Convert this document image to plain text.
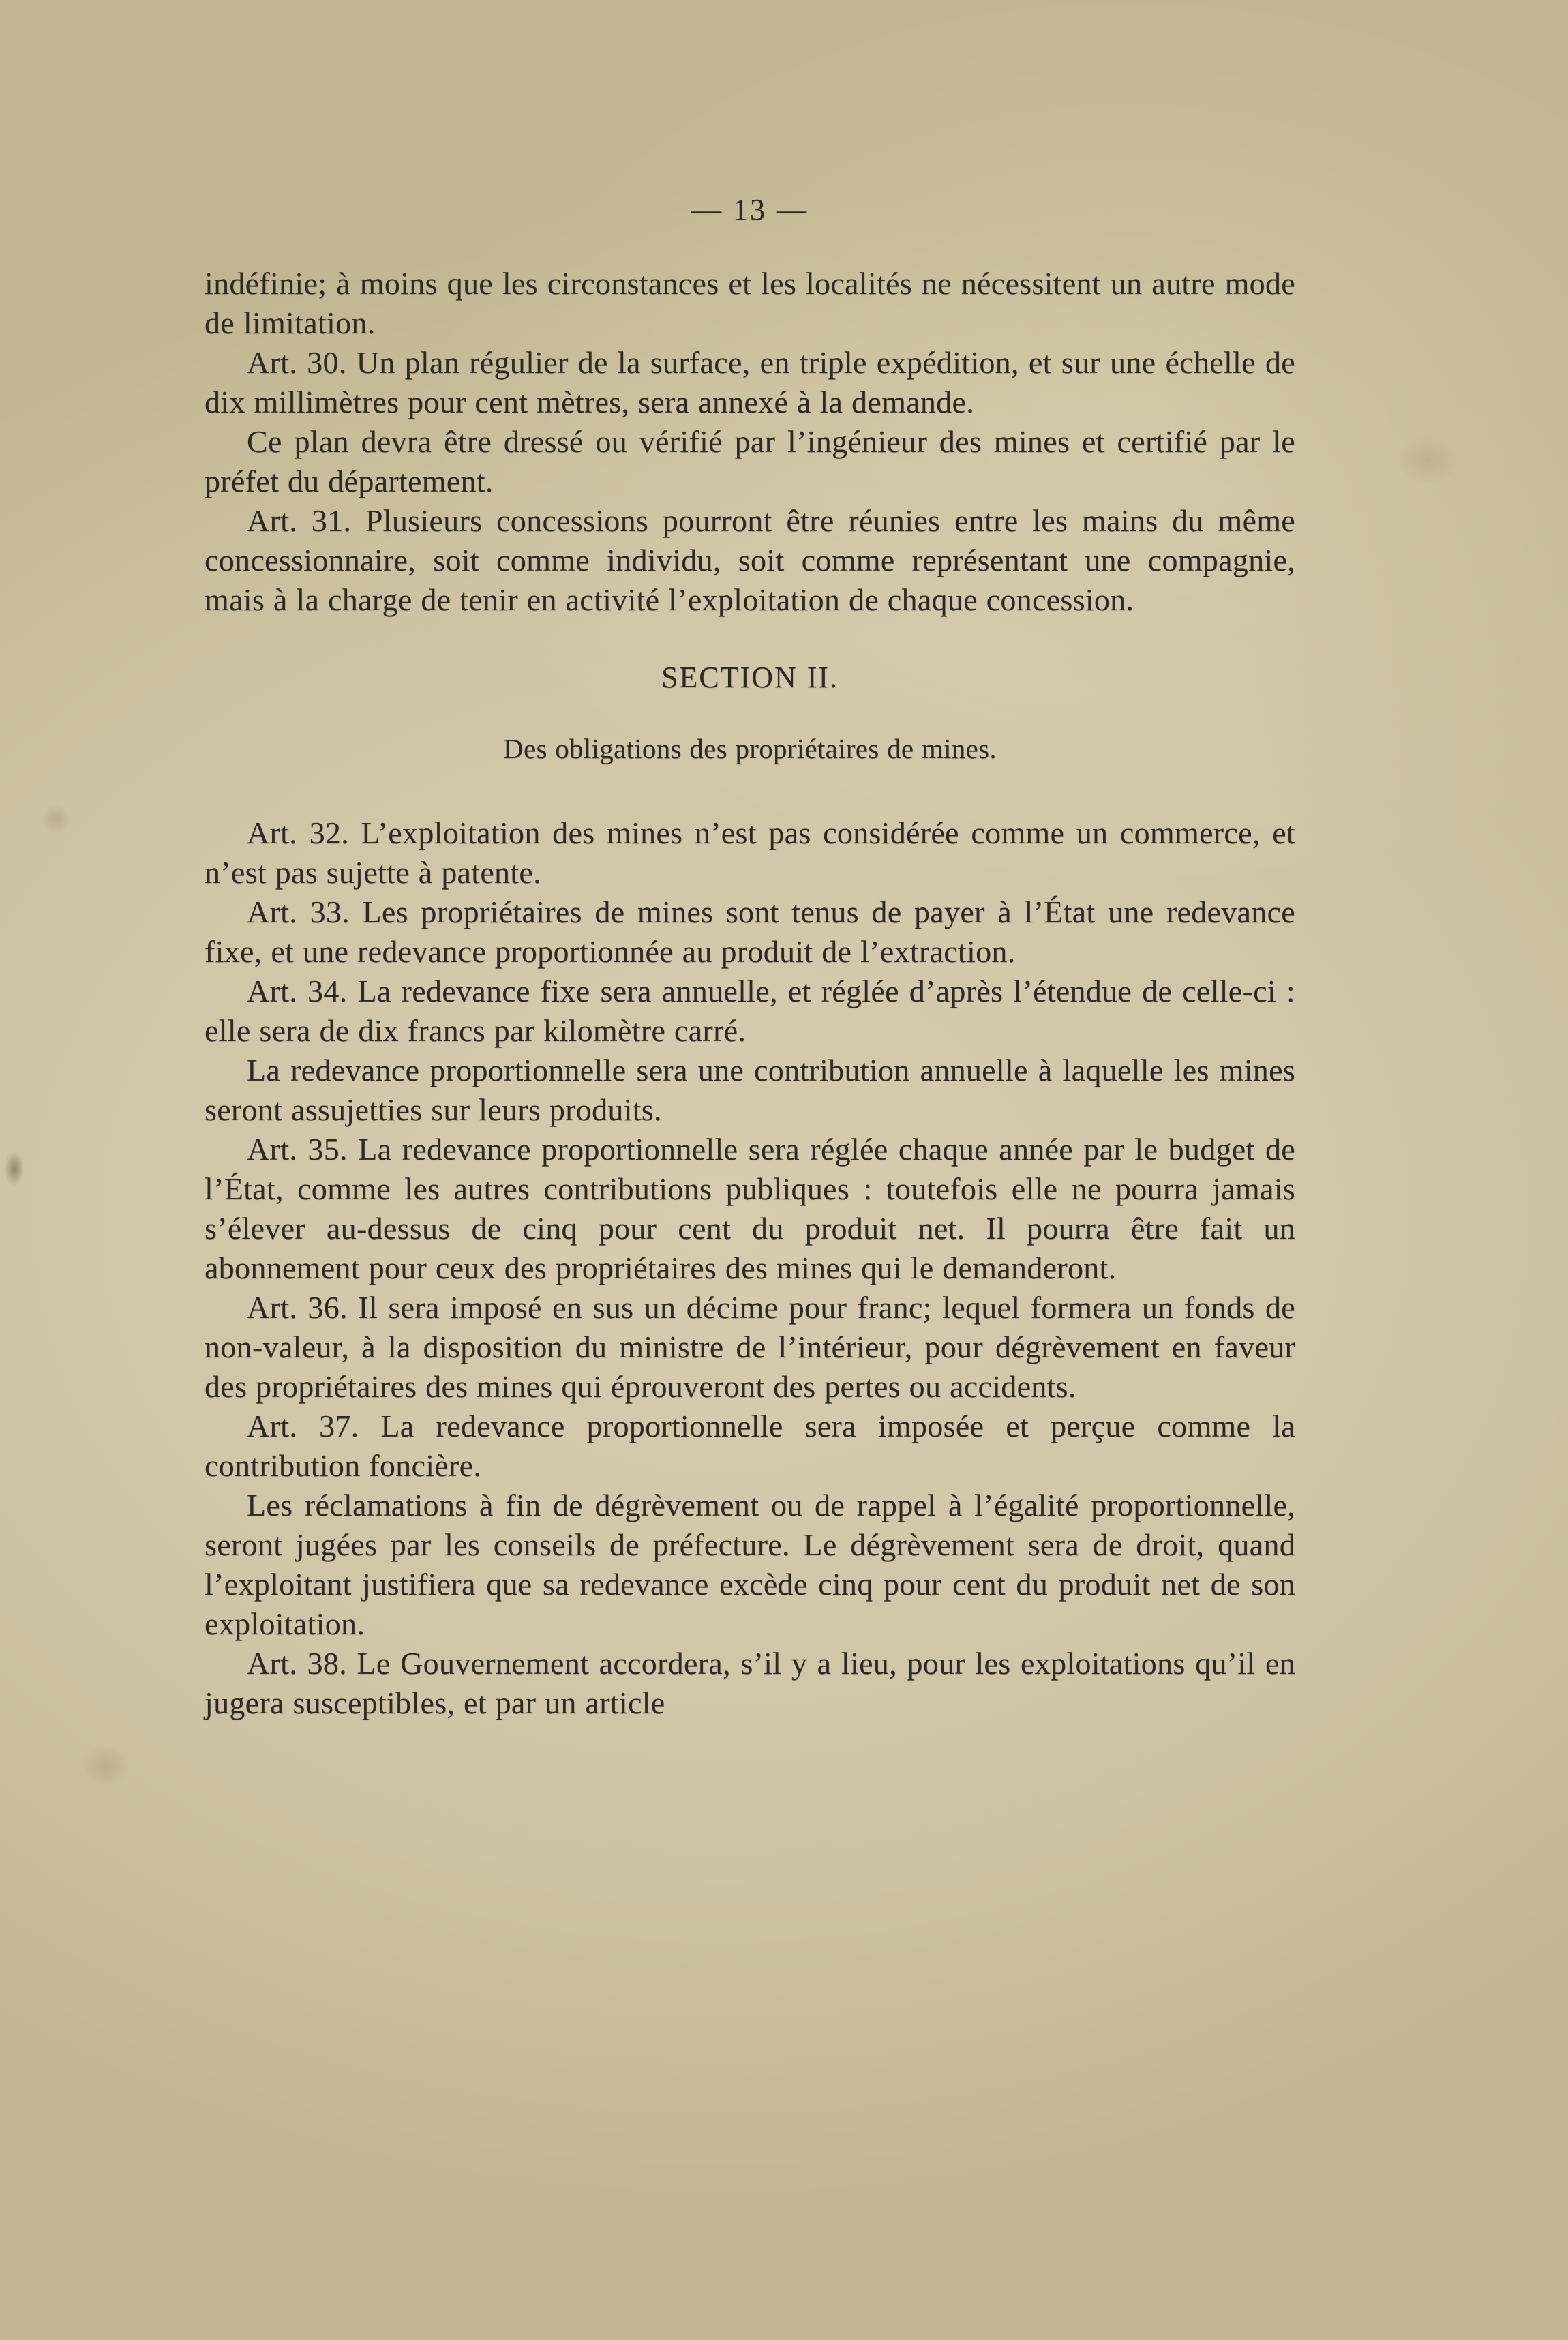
— 13 —

indéfinie; à moins que les circonstances et les localités ne nécessitent un autre mode de limitation.

Art. 30. Un plan régulier de la surface, en triple expédition, et sur une échelle de dix millimètres pour cent mètres, sera annexé à la demande.

Ce plan devra être dressé ou vérifié par l’ingénieur des mines et certifié par le préfet du département.

Art. 31. Plusieurs concessions pourront être réunies entre les mains du même concessionnaire, soit comme individu, soit comme représentant une compagnie, mais à la charge de tenir en activité l’exploitation de chaque concession.

SECTION II.
Des obligations des propriétaires de mines.

Art. 32. L’exploitation des mines n’est pas considérée comme un commerce, et n’est pas sujette à patente.

Art. 33. Les propriétaires de mines sont tenus de payer à l’État une redevance fixe, et une redevance proportionnée au produit de l’extraction.

Art. 34. La redevance fixe sera annuelle, et réglée d’après l’étendue de celle-ci : elle sera de dix francs par kilomètre carré.

La redevance proportionnelle sera une contribution annuelle à laquelle les mines seront assujetties sur leurs produits.

Art. 35. La redevance proportionnelle sera réglée chaque année par le budget de l’État, comme les autres contributions publiques : toutefois elle ne pourra jamais s’élever au-dessus de cinq pour cent du produit net. Il pourra être fait un abonnement pour ceux des propriétaires des mines qui le demanderont.

Art. 36. Il sera imposé en sus un décime pour franc; lequel formera un fonds de non-valeur, à la disposition du ministre de l’intérieur, pour dégrèvement en faveur des propriétaires des mines qui éprouveront des pertes ou accidents.

Art. 37. La redevance proportionnelle sera imposée et perçue comme la contribution foncière.

Les réclamations à fin de dégrèvement ou de rappel à l’égalité proportionnelle, seront jugées par les conseils de préfecture. Le dégrèvement sera de droit, quand l’exploitant justifiera que sa redevance excède cinq pour cent du produit net de son exploitation.

Art. 38. Le Gouvernement accordera, s’il y a lieu, pour les exploitations qu’il en jugera susceptibles, et par un article
